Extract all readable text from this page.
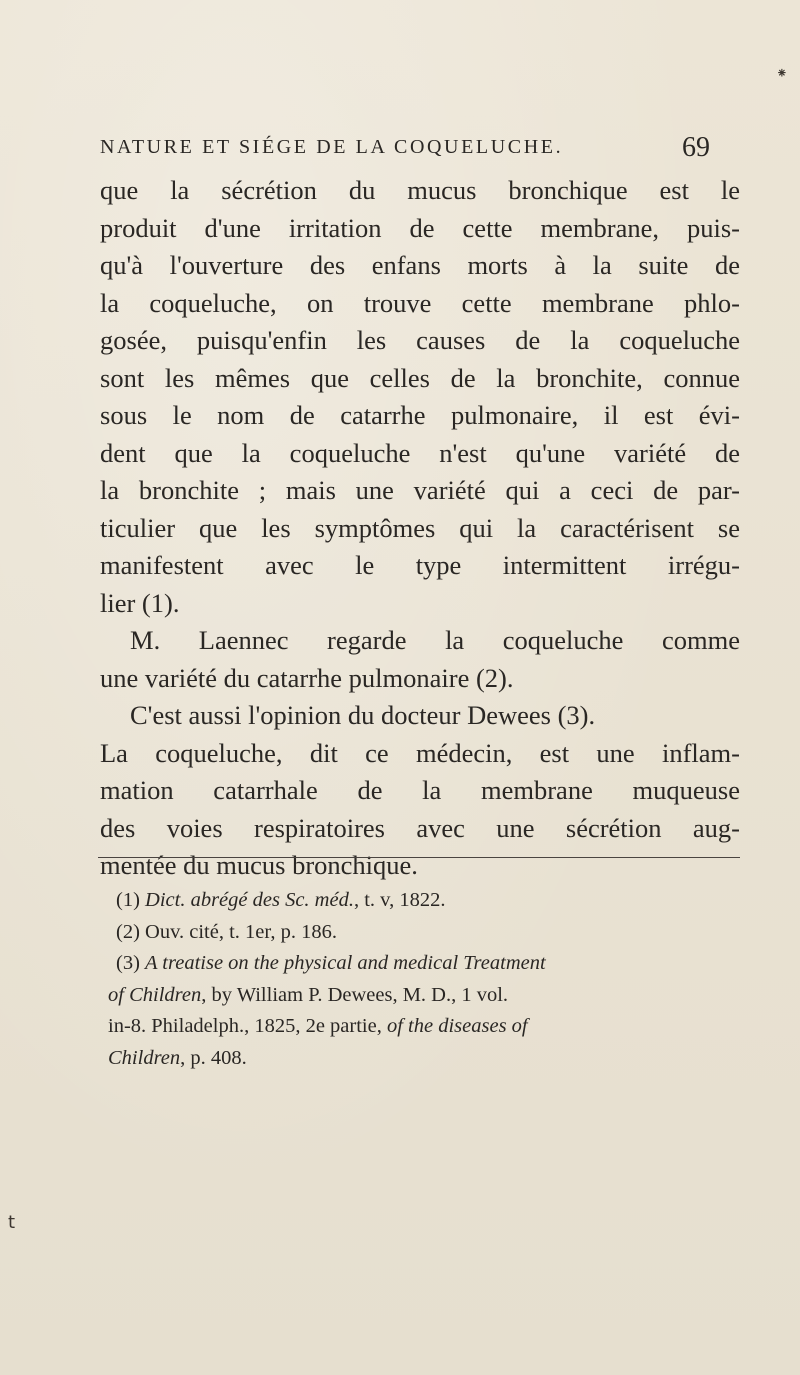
⁕
NATURE ET SIÉGE DE LA COQUELUCHE.	69
que la sécrétion du mucus bronchique est le
produit d'une irritation de cette membrane, puis-
qu'à l'ouverture des enfans morts à la suite de
la coqueluche, on trouve cette membrane phlo-
gosée, puisqu'enfin les causes de la coqueluche
sont les mêmes que celles de la bronchite, connue
sous le nom de catarrhe pulmonaire, il est évi-
dent que la coqueluche n'est qu'une variété de
la bronchite ; mais une variété qui a ceci de par-
ticulier que les symptômes qui la caractérisent se
manifestent avec le type intermittent irrégu-
lier (1).
M. Laennec regarde la coqueluche comme
une variété du catarrhe pulmonaire (2).
C'est aussi l'opinion du docteur Dewees (3).
La coqueluche, dit ce médecin, est une inflam-
mation catarrhale de la membrane muqueuse
des voies respiratoires avec une sécrétion aug-
mentée du mucus bronchique.
(1) Dict. abrégé des Sc. méd., t. v, 1822.
(2) Ouv. cité, t. 1er, p. 186.
(3) A treatise on the physical and medical Treatment
of Children, by William P. Dewees, M. D., 1 vol.
in-8. Philadelph., 1825, 2e partie, of the diseases of
Children, p. 408.
t
